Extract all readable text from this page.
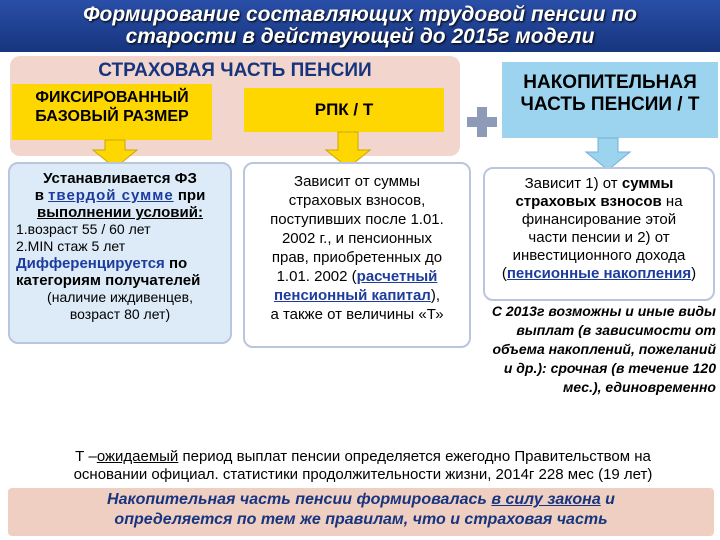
Формирование составляющих трудовой пенсии по
старости в действующей до 2015г модели
СТРАХОВАЯ ЧАСТЬ ПЕНСИИ
ФИКСИРОВАННЫЙ
БАЗОВЫЙ РАЗМЕР	РПК / Т
НАКОПИТЕЛЬНАЯ
ЧАСТЬ ПЕНСИИ / Т
Устанавливается ФЗ
в твердой сумме при
выполнении условий:
1.возраст 55 / 60 лет
2.MIN стаж 5 лет
Дифференцируется по
категориям получателей
(наличие иждивенцев,
возраст 80 лет)
Зависит от суммы
страховых взносов,
поступивших после 1.01.
2002 г., и пенсионных
прав, приобретенных до
1.01. 2002 (расчетный
пенсионный капитал),
а также от величины «Т»
Зависит 1) от суммы
страховых взносов на
финансирование этой
части пенсии и 2) от
инвестиционного дохода
(пенсионные накопления)
С 2013г возможны и иные виды
выплат (в зависимости от
объема накоплений, пожеланий
и др.): срочная (в течение 120
мес.), единовременно
Т –ожидаемый период выплат пенсии определяется ежегодно Правительством на
основании официал. статистики продолжительности жизни, 2014г 228 мес (19 лет)
Накопительная часть пенсии формировалась в силу закона и
определяется по тем же правилам, что и страховая часть
